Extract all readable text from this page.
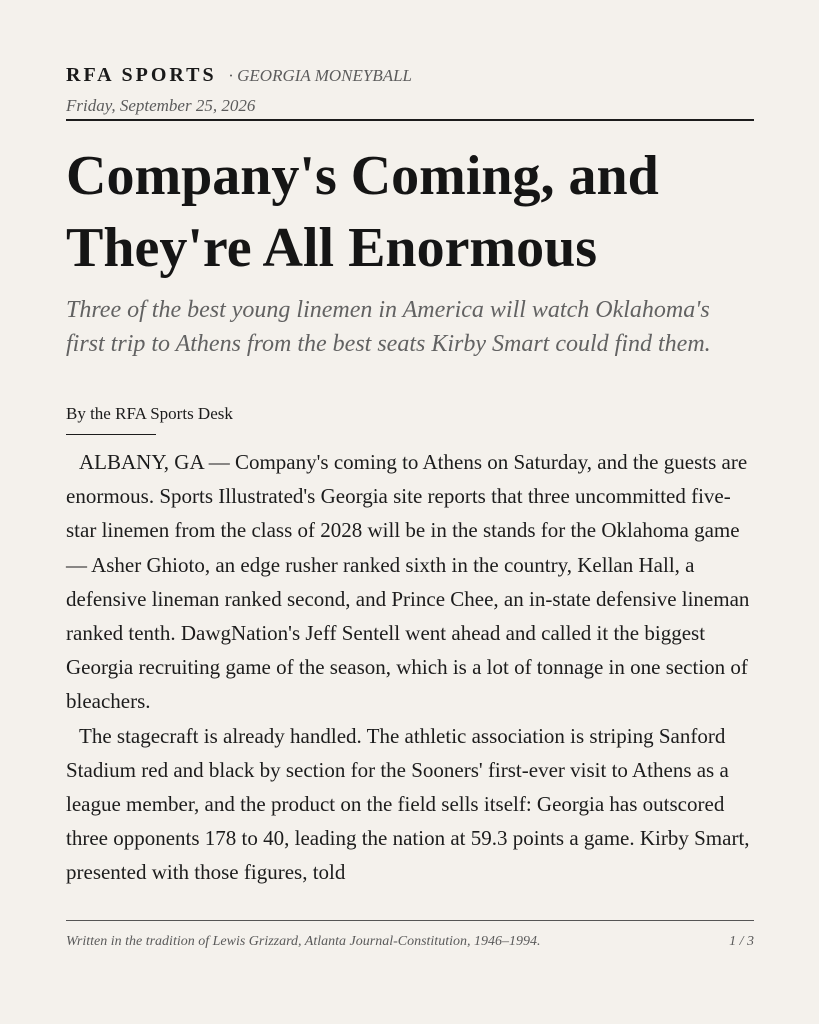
RFA SPORTS · GEORGIA MONEYBALL
Friday, September 25, 2026
Company's Coming, and
They're All Enormous

Three of the best young linemen in America will watch Oklahoma's first trip to Athens from the best seats Kirby Smart could find them.

By the RFA Sports Desk

ALBANY, GA — Company's coming to Athens on Saturday, and the guests are enormous. Sports Illustrated's Georgia site reports that three uncommitted five-star linemen from the class of 2028 will be in the stands for the Oklahoma game — Asher Ghioto, an edge rusher ranked sixth in the country, Kellan Hall, a defensive lineman ranked second, and Prince Chee, an in-state defensive lineman ranked tenth. DawgNation's Jeff Sentell went ahead and called it the biggest Georgia recruiting game of the season, which is a lot of tonnage in one section of bleachers.

The stagecraft is already handled. The athletic association is striping Sanford Stadium red and black by section for the Sooners' first-ever visit to Athens as a league member, and the product on the field sells itself: Georgia has outscored three opponents 178 to 40, leading the nation at 59.3 points a game. Kirby Smart, presented with those figures, told

Written in the tradition of Lewis Grizzard, Atlanta Journal-Constitution, 1946–1994.	1 / 3
